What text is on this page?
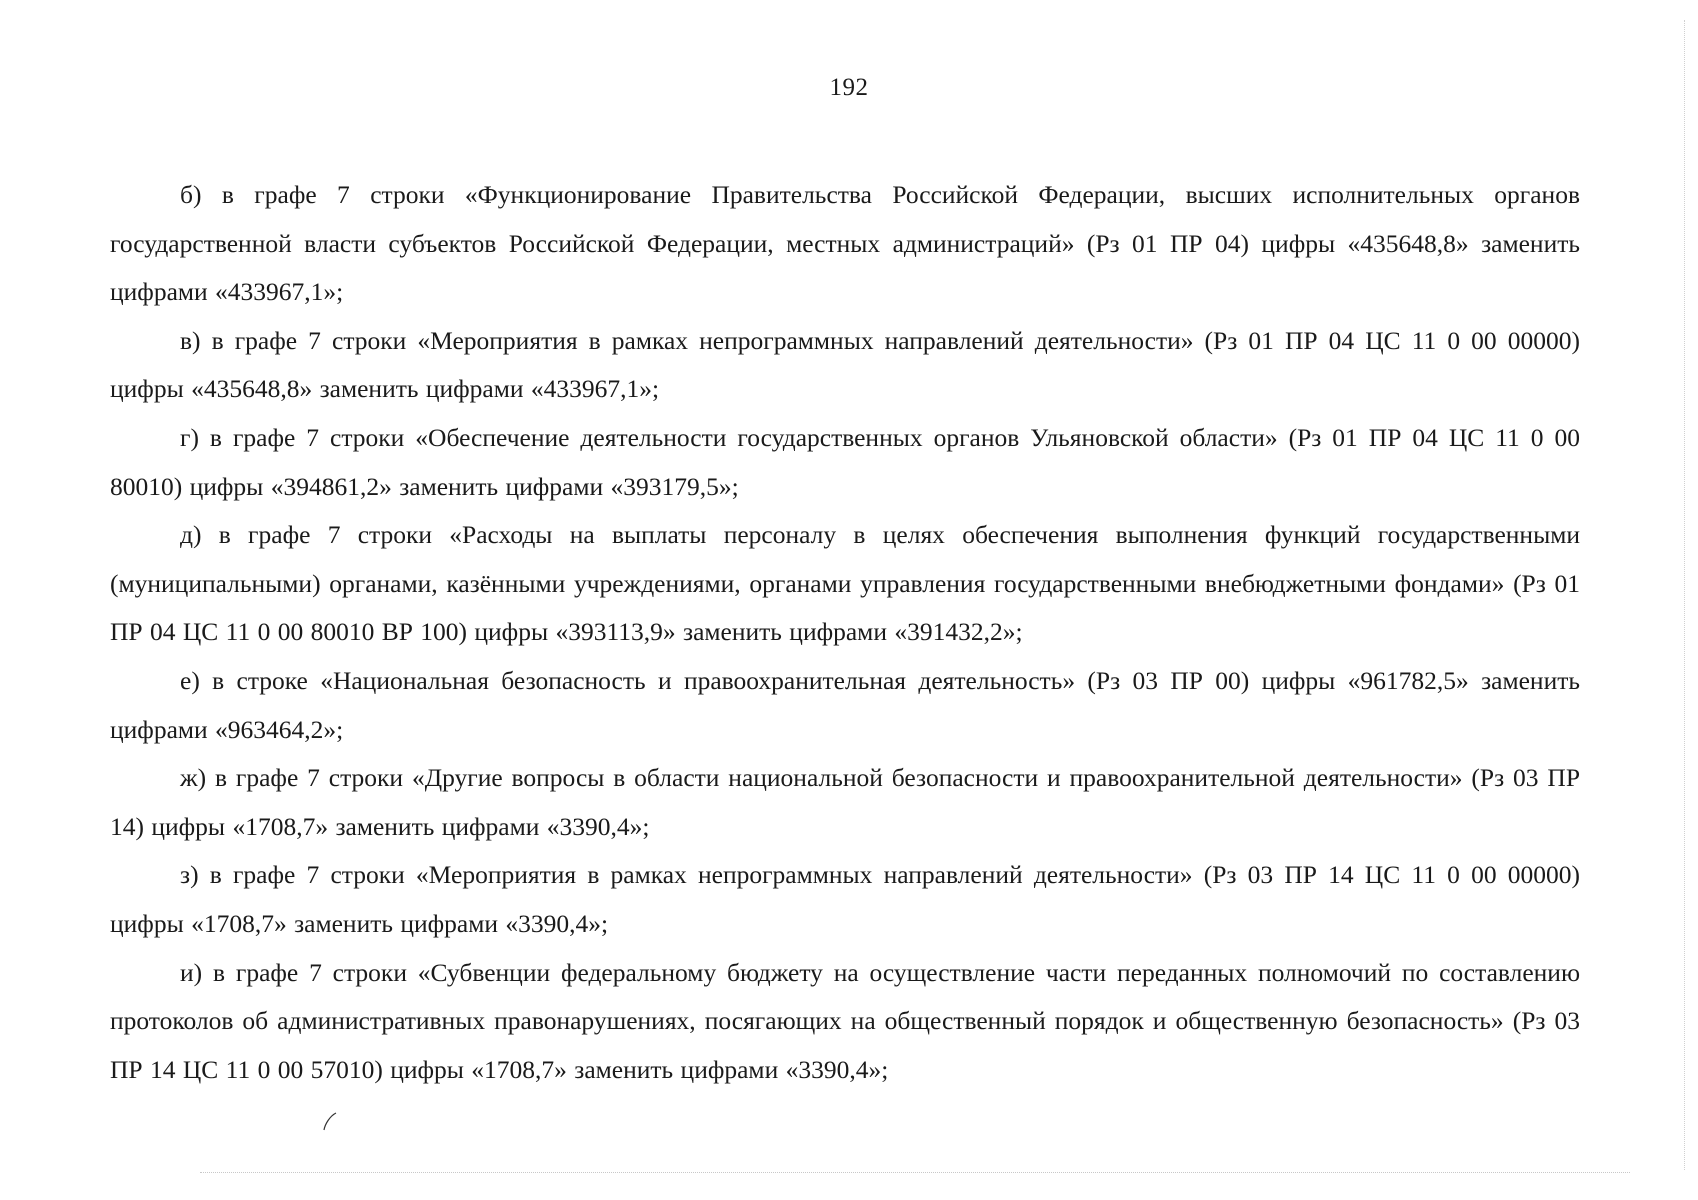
192

б) в графе 7 строки «Функционирование Правительства Российской Федерации, высших исполнительных органов государственной власти субъектов Российской Федерации, местных администраций» (Рз 01 ПР 04) цифры «435648,8» заменить цифрами «433967,1»;

в) в графе 7 строки «Мероприятия в рамках непрограммных направлений деятельности» (Рз 01 ПР 04 ЦС 11 0 00 00000) цифры «435648,8» заменить цифрами «433967,1»;

г) в графе 7 строки «Обеспечение деятельности государственных органов Ульяновской области» (Рз 01 ПР 04 ЦС 11 0 00 80010) цифры «394861,2» заменить цифрами «393179,5»;

д) в графе 7 строки «Расходы на выплаты персоналу в целях обеспечения выполнения функций государственными (муниципальными) органами, казёнными учреждениями, органами управления государственными внебюджетными фондами» (Рз 01 ПР 04 ЦС 11 0 00 80010 ВР 100) цифры «393113,9» заменить цифрами «391432,2»;

е) в строке «Национальная безопасность и правоохранительная деятельность» (Рз 03 ПР 00) цифры «961782,5» заменить цифрами «963464,2»;

ж) в графе 7 строки «Другие вопросы в области национальной безопасности и правоохранительной деятельности» (Рз 03 ПР 14) цифры «1708,7» заменить цифрами «3390,4»;

з) в графе 7 строки «Мероприятия в рамках непрограммных направлений деятельности» (Рз 03 ПР 14 ЦС 11 0 00 00000) цифры «1708,7» заменить цифрами «3390,4»;

и) в графе 7 строки «Субвенции федеральному бюджету на осуществление части переданных полномочий по составлению протоколов об административных правонарушениях, посягающих на общественный порядок и общественную безопасность» (Рз 03 ПР 14 ЦС 11 0 00 57010) цифры «1708,7» заменить цифрами «3390,4»;
